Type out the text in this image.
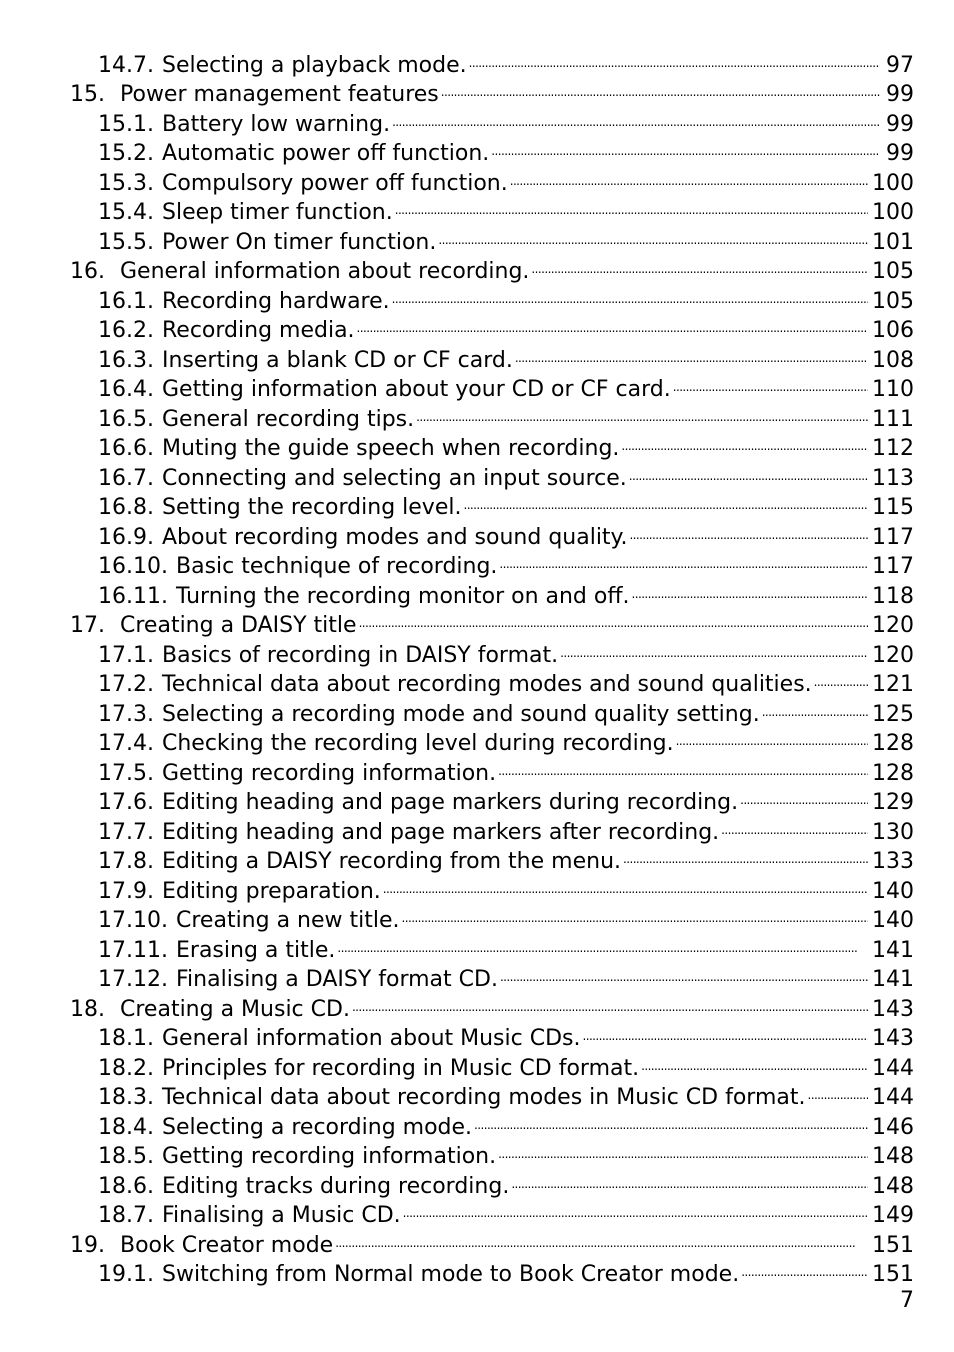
14.7. Selecting a playback mode. . . .	97
15. Power management features . . .	99
15.1. Battery low warning. . . .	99
15.2. Automatic power off function. . . .	99
15.3. Compulsory power off function. . . .	100
15.4. Sleep timer function. . . .	100
15.5. Power On timer function. . . .	101
16. General information about recording. . . .	105
16.1. Recording hardware. . . .	105
16.2. Recording media. . . .	106
16.3. Inserting a blank CD or CF card. . . .	108
16.4. Getting information about your CD or CF card. . . .	110
16.5. General recording tips. . . .	111
16.6. Muting the guide speech when recording. . . .	112
16.7. Connecting and selecting an input source. . . .	113
16.8. Setting the recording level. . . .	115
16.9. About recording modes and sound quality. . . .	117
16.10. Basic technique of recording. . . .	117
16.11. Turning the recording monitor on and off. . . .	118
17. Creating a DAISY title . . .	120
17.1. Basics of recording in DAISY format. . . .	120
17.2. Technical data about recording modes and sound qualities. . . .	121
17.3. Selecting a recording mode and sound quality setting. . . .	125
17.4. Checking the recording level during recording. . . .	128
17.5. Getting recording information. . . .	128
17.6. Editing heading and page markers during recording. . . .	129
17.7. Editing heading and page markers after recording. . . .	130
17.8. Editing a DAISY recording from the menu. . . .	133
17.9. Editing preparation. . . .	140
17.10. Creating a new title. . . .	140
17.11. Erasing a title. . . .	141
17.12. Finalising a DAISY format CD. . . .	141
18. Creating a Music CD. . . .	143
18.1. General information about Music CDs. . . .	143
18.2. Principles for recording in Music CD format. . . .	144
18.3. Technical data about recording modes in Music CD format. . . .	144
18.4. Selecting a recording mode. . . .	146
18.5. Getting recording information. . . .	148
18.6. Editing tracks during recording. . . .	148
18.7. Finalising a Music CD. . . .	149
19. Book Creator mode . . .	151
19.1. Switching from Normal mode to Book Creator mode. . . .	151
7
